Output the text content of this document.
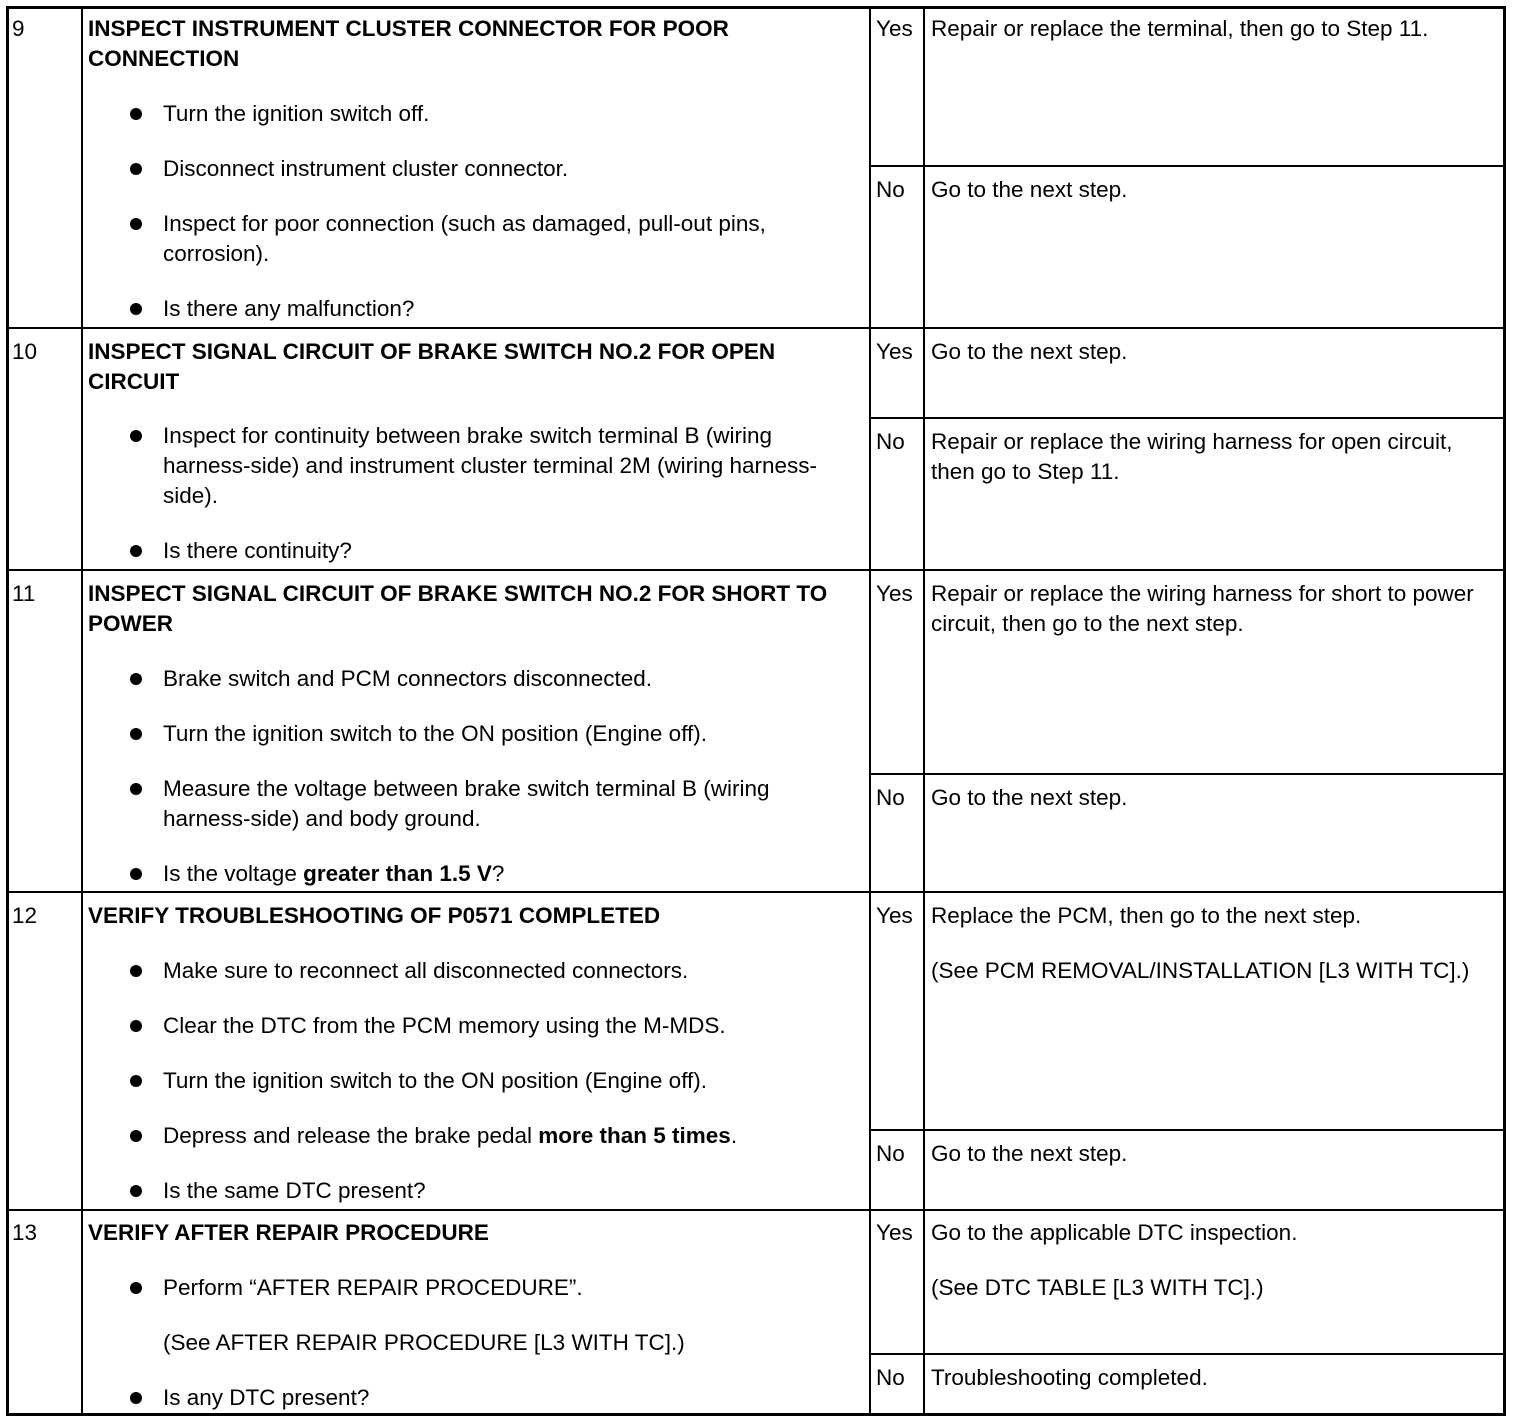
9	INSPECT INSTRUMENT CLUSTER CONNECTOR FOR POOR CONNECTION
Turn the ignition switch off.
Disconnect instrument cluster connector.
Inspect for poor connection (such as damaged, pull-out pins, corrosion).
Is there any malfunction?
Yes Repair or replace the terminal, then go to Step 11.
No	Go to the next step.
10	INSPECT SIGNAL CIRCUIT OF BRAKE SWITCH NO.2 FOR OPEN CIRCUIT
Inspect for continuity between brake switch terminal B (wiring harness-side) and instrument cluster terminal 2M (wiring harness-side).
Is there continuity?
Yes Go to the next step.
No	Repair or replace the wiring harness for open circuit, then go to Step 11.
11	INSPECT SIGNAL CIRCUIT OF BRAKE SWITCH NO.2 FOR SHORT TO POWER
Brake switch and PCM connectors disconnected.
Turn the ignition switch to the ON position (Engine off).
Measure the voltage between brake switch terminal B (wiring harness-side) and body ground.
Is the voltage greater than 1.5 V?
Yes Repair or replace the wiring harness for short to power circuit, then go to the next step.
No	Go to the next step.
12	VERIFY TROUBLESHOOTING OF P0571 COMPLETED
Make sure to reconnect all disconnected connectors.
Clear the DTC from the PCM memory using the M-MDS.
Turn the ignition switch to the ON position (Engine off).
Depress and release the brake pedal more than 5 times.
Is the same DTC present?
Yes Replace the PCM, then go to the next step.
(See PCM REMOVAL/INSTALLATION [L3 WITH TC].)
No	Go to the next step.
13	VERIFY AFTER REPAIR PROCEDURE
Perform “AFTER REPAIR PROCEDURE”.
(See AFTER REPAIR PROCEDURE [L3 WITH TC].)
Is any DTC present?
Yes Go to the applicable DTC inspection.
(See DTC TABLE [L3 WITH TC].)
No	Troubleshooting completed.
